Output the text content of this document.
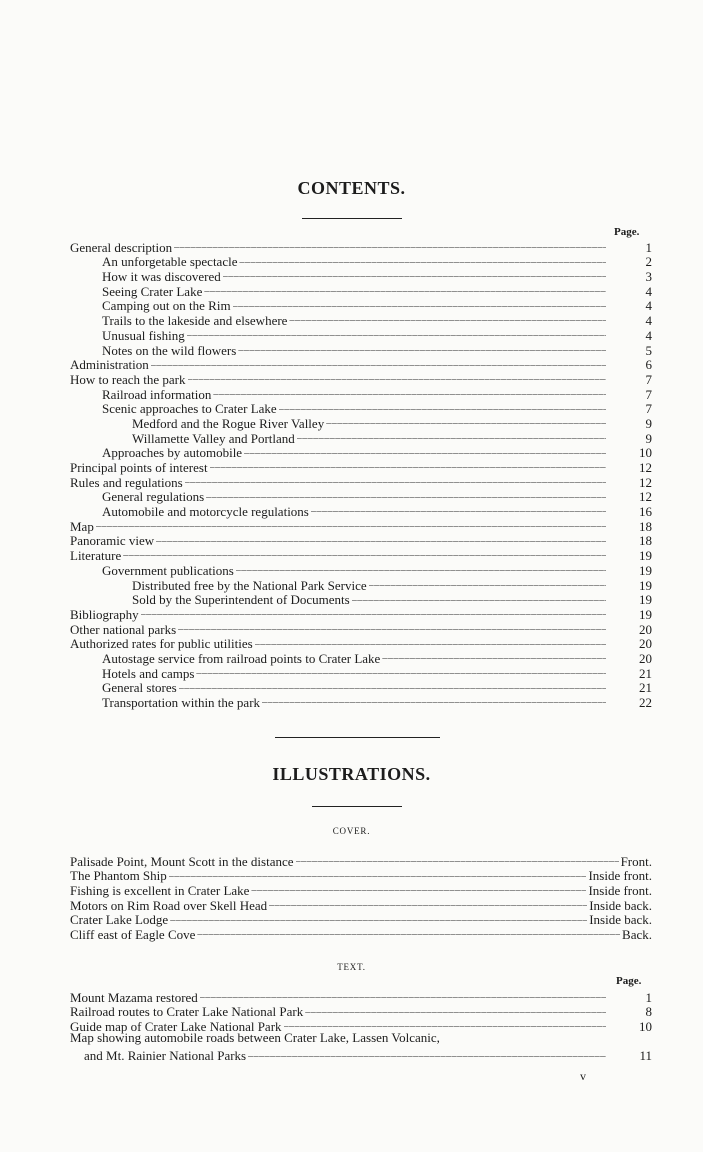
CONTENTS.
Page.
General description _ _ _	1
An unforgetable spectacle _ _ _	2
How it was discovered _ _ _	3
Seeing Crater Lake _ _ _	4
Camping out on the Rim _ _ _	4
Trails to the lakeside and elsewhere _ _ _	4
Unusual fishing _ _ _	4
Notes on the wild flowers _ _ _	5
Administration _ _ _	6
How to reach the park _ _ _	7
Railroad information _ _ _	7
Scenic approaches to Crater Lake _ _ _	7
Medford and the Rogue River Valley _ _ _	9
Willamette Valley and Portland _ _ _	9
Approaches by automobile _ _ _	10
Principal points of interest _ _ _	12
Rules and regulations _ _ _	12
General regulations _ _ _	12
Automobile and motorcycle regulations _ _ _	16
Map _ _ _	18
Panoramic view _ _ _	18
Literature _ _ _	19
Government publications _ _ _	19
Distributed free by the National Park Service _ _ _	19
Sold by the Superintendent of Documents _ _ _	19
Bibliography _ _ _	19
Other national parks _ _ _	20
Authorized rates for public utilities _ _ _	20
Autostage service from railroad points to Crater Lake _ _ _	20
Hotels and camps _ _ _	21
General stores _ _ _	21
Transportation within the park _ _ _	22
ILLUSTRATIONS.
COVER.
Palisade Point, Mount Scott in the distance _ _ _	Front.
The Phantom Ship _ _ _	Inside front.
Fishing is excellent in Crater Lake _ _ _	Inside front.
Motors on Rim Road over Skell Head _ _ _	Inside back.
Crater Lake Lodge _ _ _	Inside back.
Cliff east of Eagle Cove _ _ _	Back.
TEXT.
Page.
Mount Mazama restored _ _ _	1
Railroad routes to Crater Lake National Park _ _ _	8
Guide map of Crater Lake National Park _ _ _	10
Map showing automobile roads between Crater Lake, Lassen Volcanic,
and Mt. Rainier National Parks _ _ _	11
v
